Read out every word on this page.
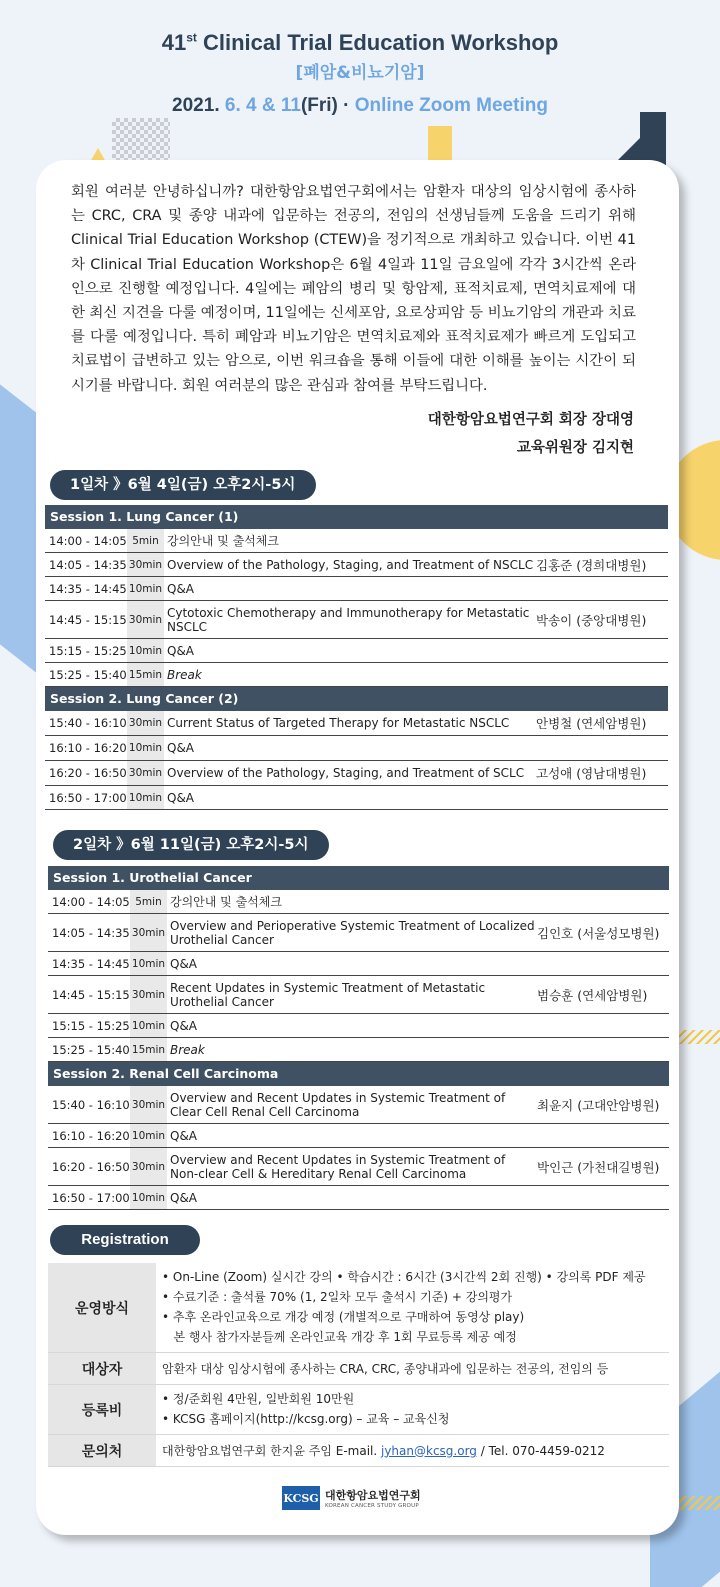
41st Clinical Trial Education Workshop
[폐암&비뇨기암]
2021. 6. 4 & 11(Fri) · Online Zoom Meeting
회원 여러분 안녕하십니까? 대한항암요법연구회에서는 암환자 대상의 임상시험에 종사하는 CRC, CRA 및 종양 내과에 입문하는 전공의, 전임의 선생님들께 도움을 드리기 위해 Clinical Trial Education Workshop (CTEW)을 정기적으로 개최하고 있습니다. 이번 41차 Clinical Trial Education Workshop은 6월 4일과 11일 금요일에 각각 3시간씩 온라인으로 진행할 예정입니다. 4일에는 폐암의 병리 및 항암제, 표적치료제, 면역치료제에 대한 최신 지견을 다룰 예정이며, 11일에는 신세포암, 요로상피암 등 비뇨기암의 개관과 치료를 다룰 예정입니다. 특히 폐암과 비뇨기암은 면역치료제와 표적치료제가 빠르게 도입되고 치료법이 급변하고 있는 암으로, 이번 워크숍을 통해 이들에 대한 이해를 높이는 시간이 되시기를 바랍니다. 회원 여러분의 많은 관심과 참여를 부탁드립니다.
대한항암요법연구회 회장 장대영
교육위원장 김지현
1일차 》6월 4일(금) 오후2시-5시
Session 1. Lung Cancer (1)
14:00 - 14:05 5min 강의안내 및 출석체크
14:05 - 14:35 30min Overview of the Pathology, Staging, and Treatment of NSCLC 김홍준 (경희대병원)
14:35 - 14:45 10min Q&A
14:45 - 15:15 30min Cytotoxic Chemotherapy and Immunotherapy for Metastatic NSCLC	박송이 (중앙대병원)
15:15 - 15:25 10min Q&A
15:25 - 15:40 15min Break
Session 2. Lung Cancer (2)
15:40 - 16:10 30min Current Status of Targeted Therapy for Metastatic NSCLC	안병철 (연세암병원)
16:10 - 16:20 10min Q&A
16:20 - 16:50 30min Overview of the Pathology, Staging, and Treatment of SCLC 고성애 (영남대병원)
16:50 - 17:00 10min Q&A
2일차 》6월 11일(금) 오후2시-5시
Session 1. Urothelial Cancer
14:00 - 14:05 5min 강의안내 및 출석체크
14:05 - 14:35 30min Overview and Perioperative Systemic Treatment of Localized Urothelial Cancer	김인호 (서울성모병원)
14:35 - 14:45 10min Q&A
14:45 - 15:15 30min Recent Updates in Systemic Treatment of Metastatic Urothelial Cancer	범승훈 (연세암병원)
15:15 - 15:25 10min Q&A
15:25 - 15:40 15min Break
Session 2. Renal Cell Carcinoma
15:40 - 16:10 30min Overview and Recent Updates in Systemic Treatment of Clear Cell Renal Cell Carcinoma	최윤지 (고대안암병원)
16:10 - 16:20 10min Q&A
16:20 - 16:50 30min Overview and Recent Updates in Systemic Treatment of Non-clear Cell & Hereditary Renal Cell Carcinoma	박인근 (가천대길병원)
16:50 - 17:00 10min Q&A
Registration
운영방식
• On-Line (Zoom) 실시간 강의 • 학습시간 : 6시간 (3시간씩 2회 진행) • 강의록 PDF 제공
• 수료기준 : 출석률 70% (1, 2일차 모두 출석시 기준) + 강의평가
• 추후 온라인교육으로 개강 예정 (개별적으로 구매하여 동영상 play)
본 행사 참가자분들께 온라인교육 개강 후 1회 무료등록 제공 예정
대상자	암환자 대상 임상시험에 종사하는 CRA, CRC, 종양내과에 입문하는 전공의, 전임의 등
등록비
• 정/준회원 4만원, 일반회원 10만원
• KCSG 홈페이지(http://kcsg.org) – 교육 – 교육신청
문의처	대한항암요법연구회 한지윤 주임 E-mail. jyhan@kcsg.org / Tel. 070-4459-0212
KCSG 대한항암요법연구회
KOREAN CANCER STUDY GROUP
